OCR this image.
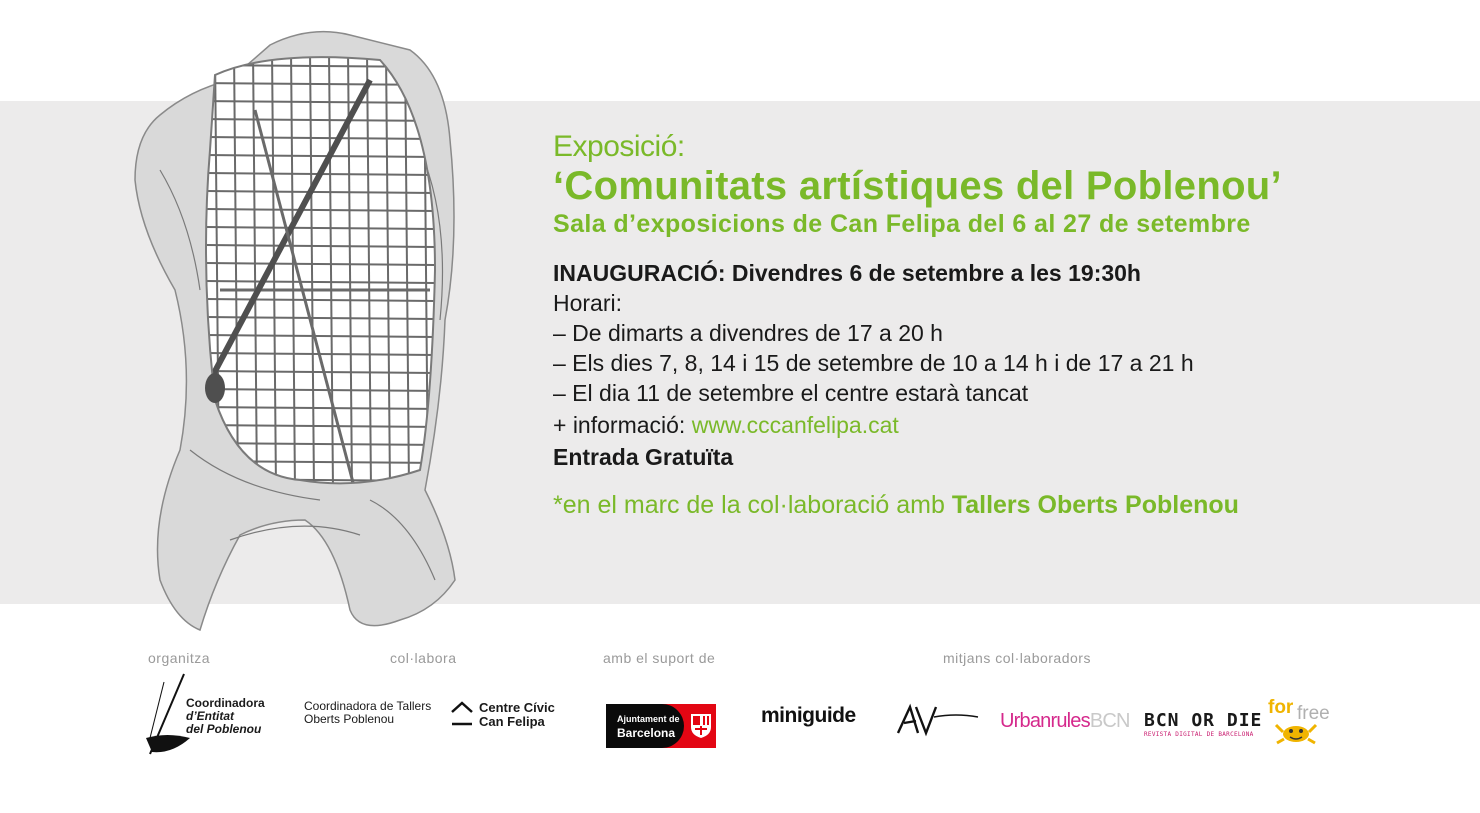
Exposició:
‘Comunitats artístiques del Poblenou’
Sala d’exposicions de Can Felipa del 6 al 27 de setembre
INAUGURACIÓ: Divendres 6 de setembre a les 19:30h
Horari:
– De dimarts a divendres de 17 a 20 h
– Els dies 7, 8, 14 i 15 de setembre de 10 a 14 h i de 17 a 21 h
– El dia 11 de setembre el centre estarà tancat
+ informació: www.cccanfelipa.cat
Entrada Gratuïta
*en el marc de la col·laboració amb Tallers Oberts Poblenou
organitza	col·labora	amb el suport de	mitjans col·laboradors
Coordinadora
d’Entitat
del Poblenou
Coordinadora de Tallers
Oberts Poblenou
Centre Cívic
Can Felipa	Ajuntament de
Barcelona
miniguide	UrbanrulesBCN BCN OR DIE
REVISTA DIGITAL DE BARCELONA
for free
